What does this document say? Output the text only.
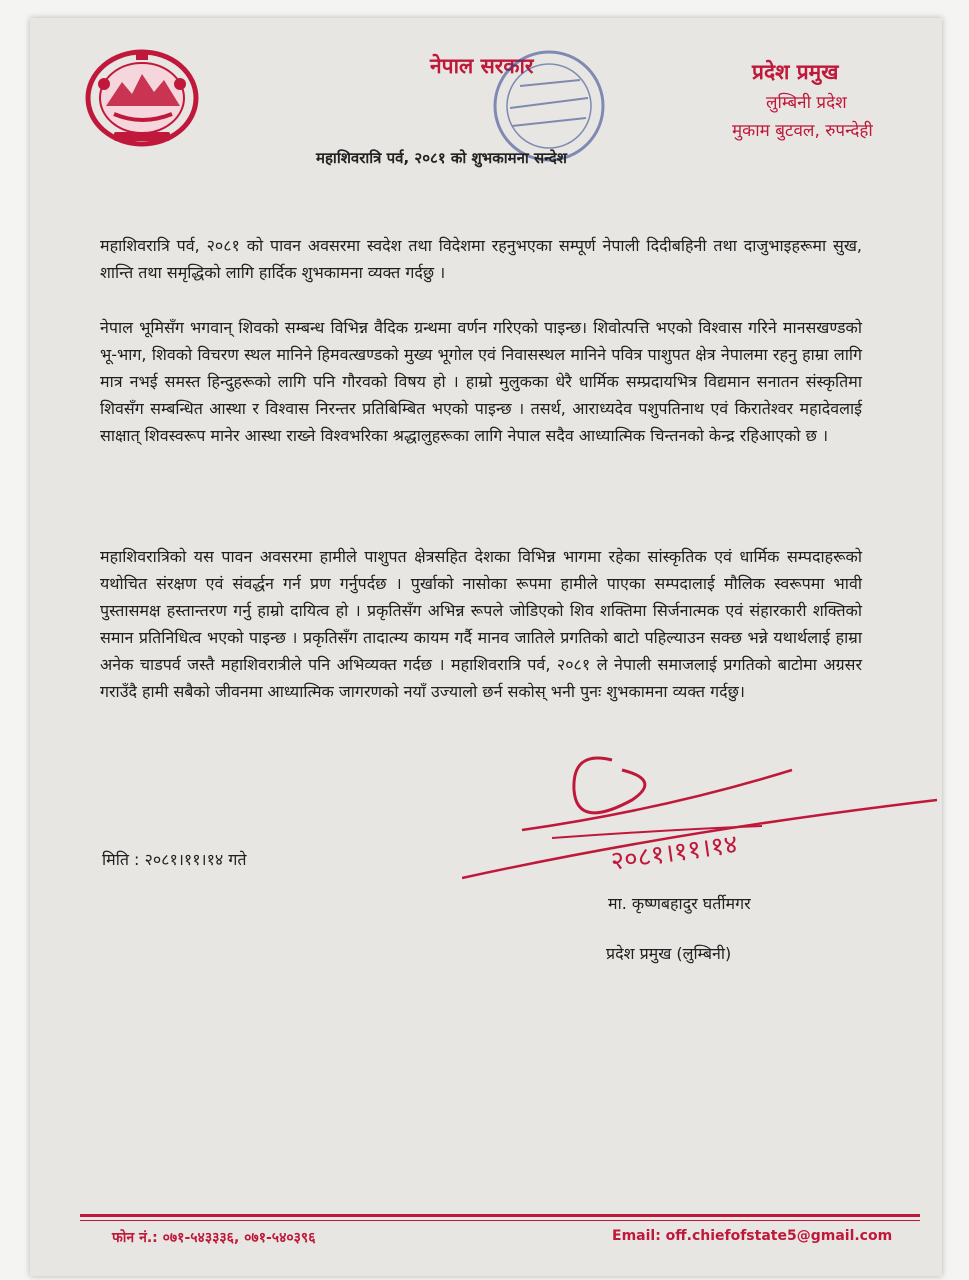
नेपाल सरकार	प्रदेश प्रमुख
लुम्बिनी प्रदेश
मुकाम बुटवल, रुपन्देही
महाशिवरात्रि पर्व, २०८१ को शुभकामना सन्देश

महाशिवरात्रि पर्व, २०८१ को पावन अवसरमा स्वदेश तथा विदेशमा रहनुभएका सम्पूर्ण नेपाली दिदीबहिनी तथा दाजुभाइहरूमा सुख, शान्ति तथा समृद्धिको लागि हार्दिक शुभकामना व्यक्त गर्दछु ।

नेपाल भूमिसँग भगवान् शिवको सम्बन्ध विभिन्न वैदिक ग्रन्थमा वर्णन गरिएको पाइन्छ। शिवोत्पत्ति भएको विश्वास गरिने मानसखण्डको भू-भाग, शिवको विचरण स्थल मानिने हिमवत्खण्डको मुख्य भूगोल एवं निवासस्थल मानिने पवित्र पाशुपत क्षेत्र नेपालमा रहनु हाम्रा लागि मात्र नभई समस्त हिन्दुहरूको लागि पनि गौरवको विषय हो । हाम्रो मुलुकका धेरै धार्मिक सम्प्रदायभित्र विद्यमान सनातन संस्कृतिमा शिवसँग सम्बन्धित आस्था र विश्वास निरन्तर प्रतिबिम्बित भएको पाइन्छ । तसर्थ, आराध्यदेव पशुपतिनाथ एवं किरातेश्वर महादेवलाई साक्षात् शिवस्वरूप मानेर आस्था राख्ने विश्वभरिका श्रद्धालुहरूका लागि नेपाल सदैव आध्यात्मिक चिन्तनको केन्द्र रहिआएको छ ।

महाशिवरात्रिको यस पावन अवसरमा हामीले पाशुपत क्षेत्रसहित देशका विभिन्न भागमा रहेका सांस्कृतिक एवं धार्मिक सम्पदाहरूको यथोचित संरक्षण एवं संवर्द्धन गर्न प्रण गर्नुपर्दछ । पुर्खाको नासोका रूपमा हामीले पाएका सम्पदालाई मौलिक स्वरूपमा भावी पुस्तासमक्ष हस्तान्तरण गर्नु हाम्रो दायित्व हो । प्रकृतिसँग अभिन्न रूपले जोडिएको शिव शक्तिमा सिर्जनात्मक एवं संहारकारी शक्तिको समान प्रतिनिधित्व भएको पाइन्छ । प्रकृतिसँग तादात्म्य कायम गर्दै मानव जातिले प्रगतिको बाटो पहिल्याउन सक्छ भन्ने यथार्थलाई हाम्रा अनेक चाडपर्व जस्तै महाशिवरात्रीले पनि अभिव्यक्त गर्दछ । महाशिवरात्रि पर्व, २०८१ ले नेपाली समाजलाई प्रगतिको बाटोमा अग्रसर गराउँदै हामी सबैको जीवनमा आध्यात्मिक जागरणको नयाँ उज्यालो छर्न सकोस् भनी पुनः शुभकामना व्यक्त गर्दछु।

मिति : २०८१।११।१४ गते	२०८१।११।१४
मा. कृष्णबहादुर घर्तीमगर
प्रदेश प्रमुख (लुम्बिनी)
फोन नं.: ०७१-५४३३३६, ०७१-५४०३९६	Email: off.chiefofstate5@gmail.com
